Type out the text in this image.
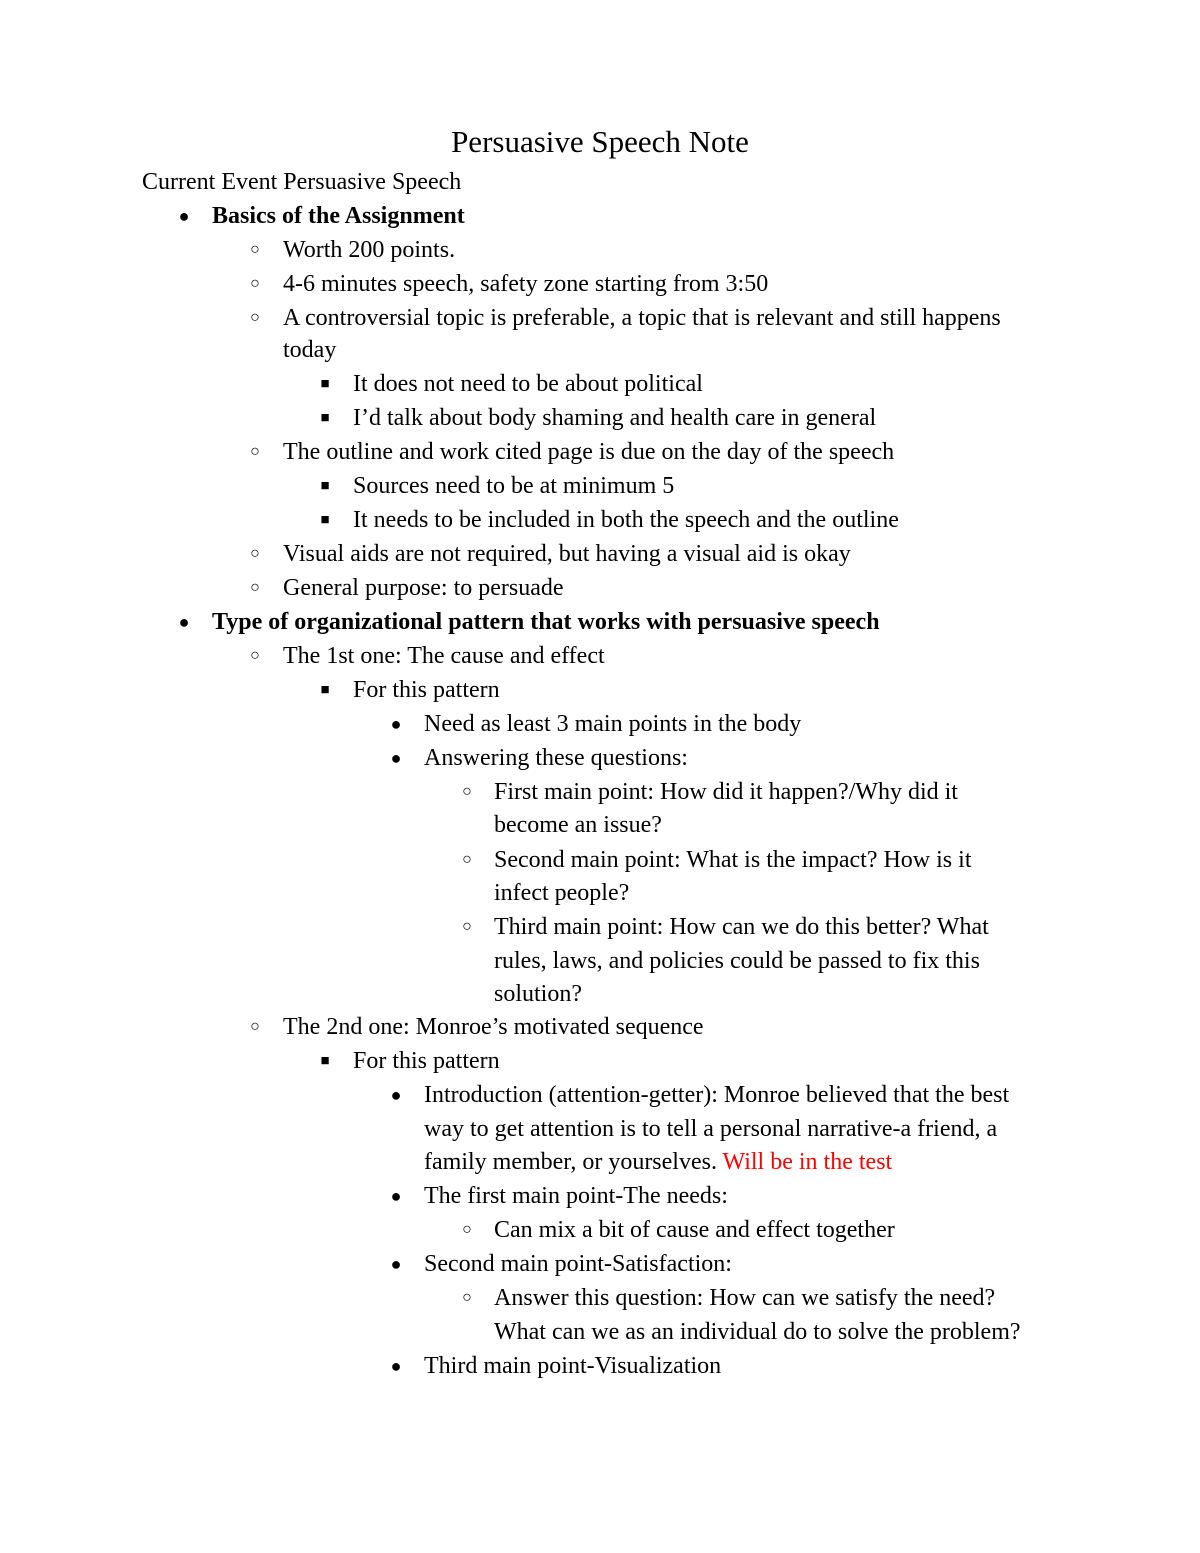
Persuasive Speech Note
Current Event Persuasive Speech
● Basics of the Assignment
○ Worth 200 points.
○ 4-6 minutes speech, safety zone starting from 3:50
○ A controversial topic is preferable, a topic that is relevant and still happens
today
■ It does not need to be about political
■ I’d talk about body shaming and health care in general
○ The outline and work cited page is due on the day of the speech
■ Sources need to be at minimum 5
■ It needs to be included in both the speech and the outline
○ Visual aids are not required, but having a visual aid is okay
○ General purpose: to persuade
● Type of organizational pattern that works with persuasive speech
○ The 1st one: The cause and effect
■ For this pattern
● Need as least 3 main points in the body
● Answering these questions:
○ First main point: How did it happen?/Why did it
become an issue?
○ Second main point: What is the impact? How is it
infect people?
○ Third main point: How can we do this better? What
rules, laws, and policies could be passed to fix this
solution?
○ The 2nd one: Monroe’s motivated sequence
■ For this pattern
● Introduction (attention-getter): Monroe believed that the best
way to get attention is to tell a personal narrative-a friend, a
family member, or yourselves. Will be in the test
● The first main point-The needs:
○ Can mix a bit of cause and effect together
● Second main point-Satisfaction:
○ Answer this question: How can we satisfy the need?
What can we as an individual do to solve the problem?
● Third main point-Visualization
